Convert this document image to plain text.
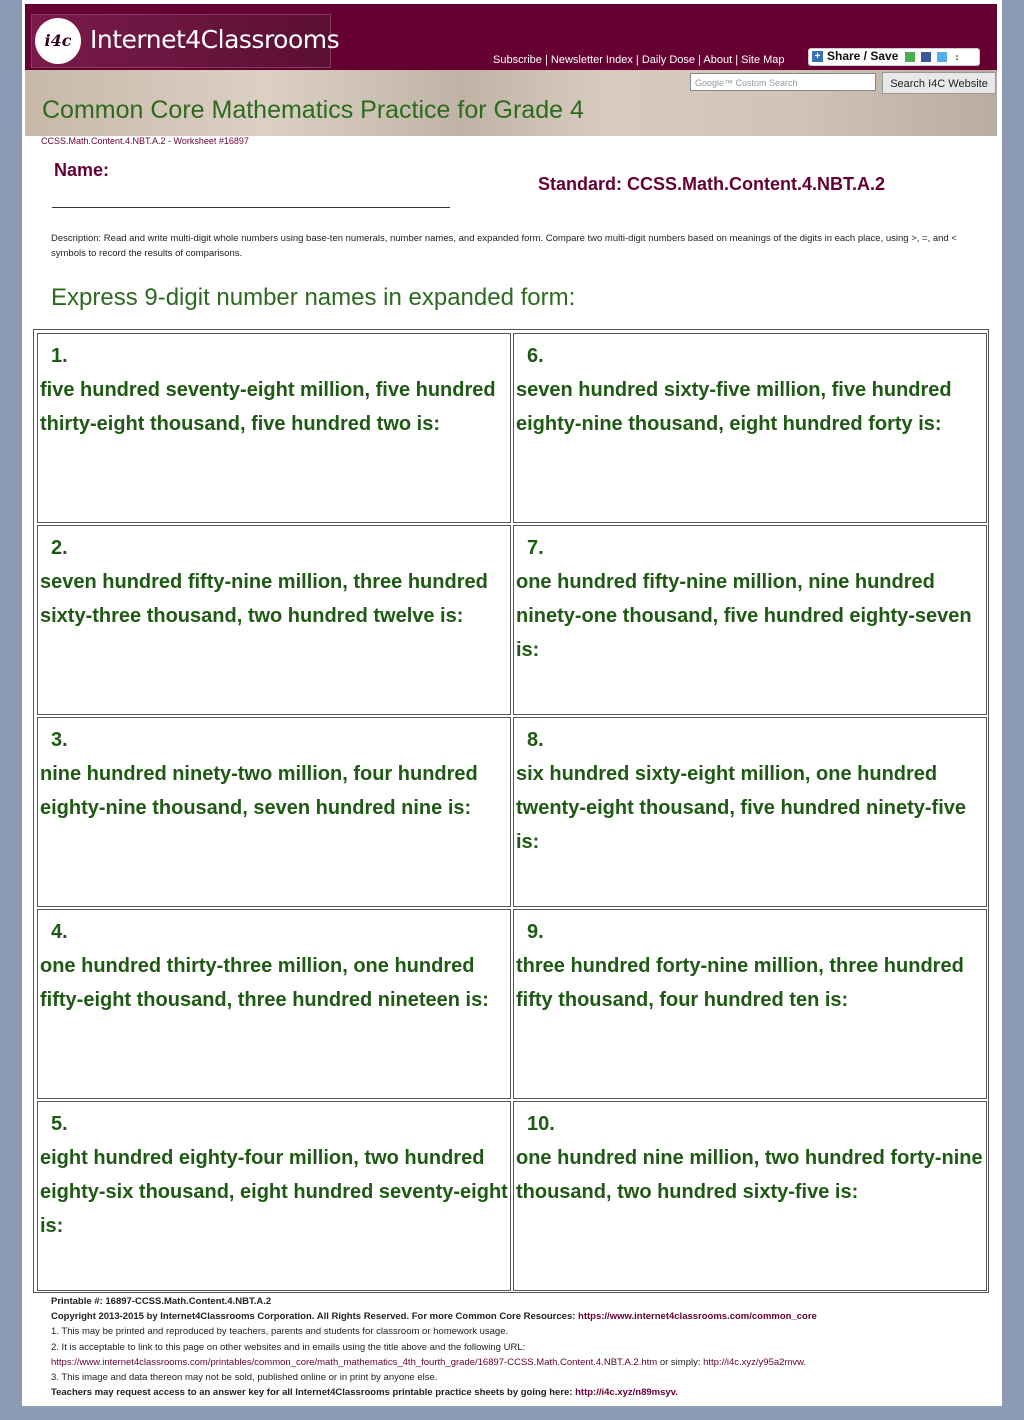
i4c Internet4Classrooms
Subscribe | Newsletter Index | Daily Dose | About | Site Map	+ Share / Save	↕
Google™ Custom Search	Search I4C Website
Common Core Mathematics Practice for Grade 4
CCSS.Math.Content.4.NBT.A.2 - Worksheet #16897
Name:
Standard: CCSS.Math.Content.4.NBT.A.2
Description: Read and write multi-digit whole numbers using base-ten numerals, number names, and expanded form. Compare two multi-digit numbers based on meanings of the digits in each place, using >, =, and < symbols to record the results of comparisons.
Express 9-digit number names in expanded form:
1.
five hundred seventy-eight million, five hundred thirty-eight thousand, five hundred two is:
2.
seven hundred fifty-nine million, three hundred sixty-three thousand, two hundred twelve is:
3.
nine hundred ninety-two million, four hundred eighty-nine thousand, seven hundred nine is:
4.
one hundred thirty-three million, one hundred fifty-eight thousand, three hundred nineteen is:
5.
eight hundred eighty-four million, two hundred eighty-six thousand, eight hundred seventy-eight is:
6.
seven hundred sixty-five million, five hundred eighty-nine thousand, eight hundred forty is:
7.
one hundred fifty-nine million, nine hundred ninety-one thousand, five hundred eighty-seven is:
8.
six hundred sixty-eight million, one hundred twenty-eight thousand, five hundred ninety-five is:
9.
three hundred forty-nine million, three hundred fifty thousand, four hundred ten is:
10.
one hundred nine million, two hundred forty-nine thousand, two hundred sixty-five is:
Printable #: 16897-CCSS.Math.Content.4.NBT.A.2
Copyright 2013-2015 by Internet4Classrooms Corporation. All Rights Reserved. For more Common Core Resources: https://www.internet4classrooms.com/common_core
1. This may be printed and reproduced by teachers, parents and students for classroom or homework usage.
2. It is acceptable to link to this page on other websites and in emails using the title above and the following URL:
https://www.internet4classrooms.com/printables/common_core/math_mathematics_4th_fourth_grade/16897-CCSS.Math.Content.4.NBT.A.2.htm or simply: http://i4c.xyz/y95a2mvw.
3. This image and data thereon may not be sold, published online or in print by anyone else.
Teachers may request access to an answer key for all Internet4Classrooms printable practice sheets by going here: http://i4c.xyz/n89msyv.
